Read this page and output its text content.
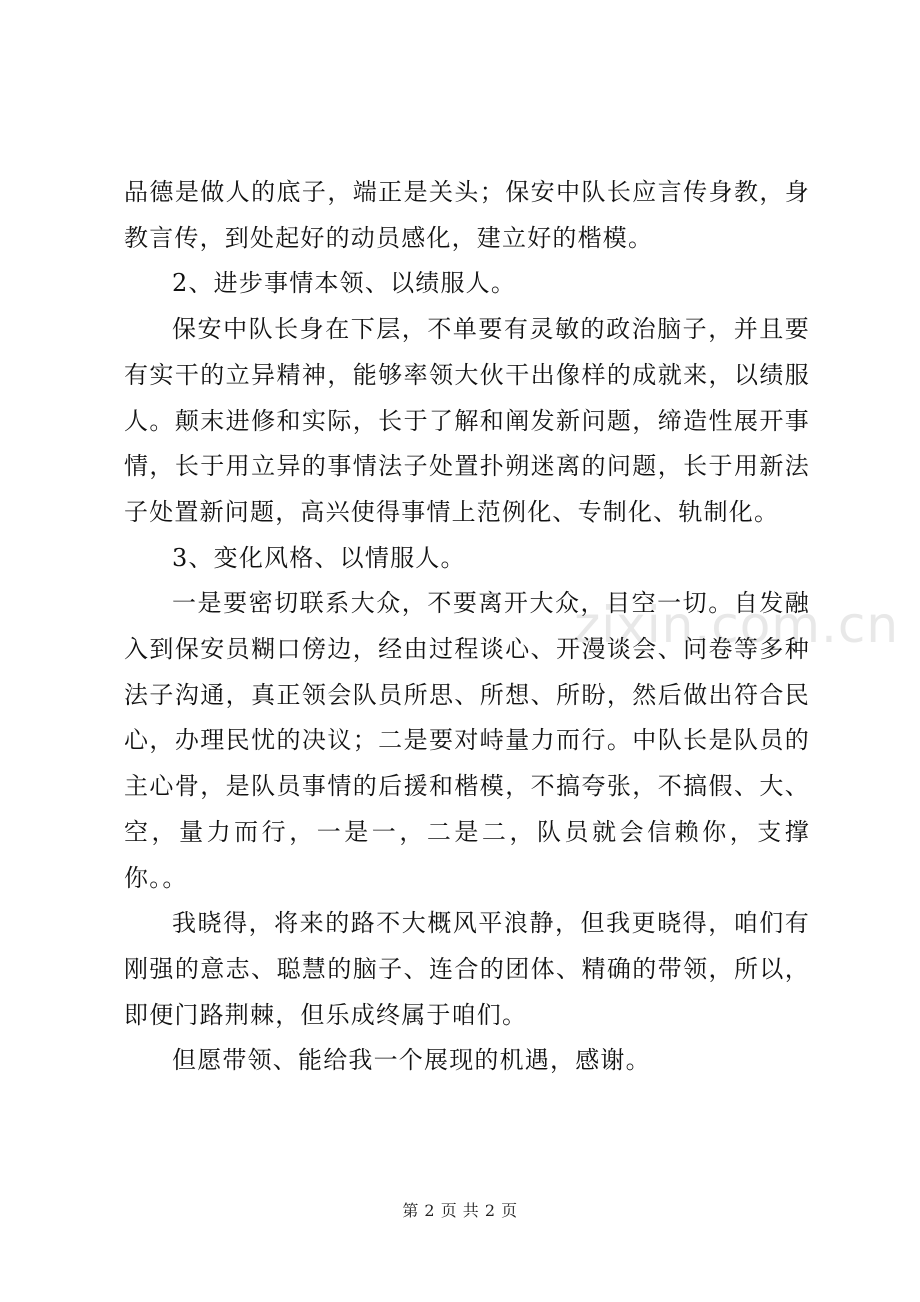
zixin.com.cn

品德是做人的底子，端正是关头；保安中队长应言传身教，身教言传，到处起好的动员感化，建立好的楷模。

2、进步事情本领、以绩服人。

保安中队长身在下层，不单要有灵敏的政治脑子，并且要有实干的立异精神，能够率领大伙干出像样的成就来，以绩服人。颠末进修和实际，长于了解和阐发新问题，缔造性展开事情，长于用立异的事情法子处置扑朔迷离的问题，长于用新法子处置新问题，高兴使得事情上范例化、专制化、轨制化。

3、变化风格、以情服人。

一是要密切联系大众，不要离开大众，目空一切。自发融入到保安员糊口傍边，经由过程谈心、开漫谈会、问卷等多种法子沟通，真正领会队员所思、所想、所盼，然后做出符合民心，办理民忧的决议；二是要对峙量力而行。中队长是队员的主心骨，是队员事情的后援和楷模，不搞夸张，不搞假、大、空，量力而行，一是一，二是二，队员就会信赖你，支撑你。。

我晓得，将来的路不大概风平浪静，但我更晓得，咱们有刚强的意志、聪慧的脑子、连合的团体、精确的带领，所以，即便门路荆棘，但乐成终属于咱们。

但愿带领、能给我一个展现的机遇，感谢。

第 2 页 共 2 页
